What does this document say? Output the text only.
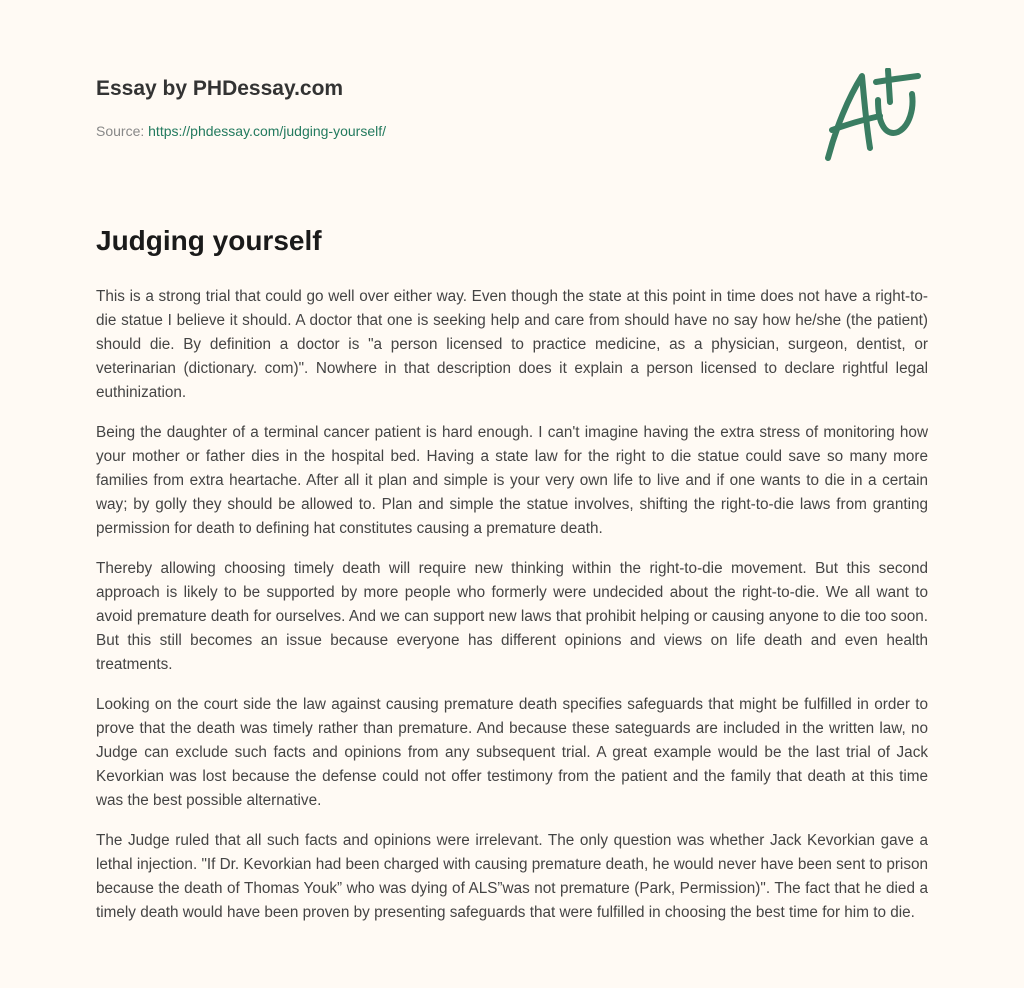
Essay by PHDessay.com
Source: https://phdessay.com/judging-yourself/
Judging yourself

This is a strong trial that could go well over either way. Even though the state at this point in time does not have a right-to-die statue I believe it should. A doctor that one is seeking help and care from should have no say how he/she (the patient) should die. By definition a doctor is "a person licensed to practice medicine, as a physician, surgeon, dentist, or veterinarian (dictionary. com)". Nowhere in that description does it explain a person licensed to declare rightful legal euthinization.

Being the daughter of a terminal cancer patient is hard enough. I can't imagine having the extra stress of monitoring how your mother or father dies in the hospital bed. Having a state law for the right to die statue could save so many more families from extra heartache. After all it plan and simple is your very own life to live and if one wants to die in a certain way; by golly they should be allowed to. Plan and simple the statue involves, shifting the right-to-die laws from granting permission for death to defining hat constitutes causing a premature death.

Thereby allowing choosing timely death will require new thinking within the right-to-die movement. But this second approach is likely to be supported by more people who formerly were undecided about the right-to-die. We all want to avoid premature death for ourselves. And we can support new laws that prohibit helping or causing anyone to die too soon. But this still becomes an issue because everyone has different opinions and views on life death and even health treatments.

Looking on the court side the law against causing premature death specifies safeguards that might be fulfilled in order to prove that the death was timely rather than premature. And because these sateguards are included in the written law, no Judge can exclude such facts and opinions from any subsequent trial. A great example would be the last trial of Jack Kevorkian was lost because the defense could not offer testimony from the patient and the family that death at this time was the best possible alternative.

The Judge ruled that all such facts and opinions were irrelevant. The only question was whether Jack Kevorkian gave a lethal injection. "If Dr. Kevorkian had been charged with causing premature death, he would never have been sent to prison because the death of Thomas Youk” who was dying of ALS”was not premature (Park, Permission)". The fact that he died a timely death would have been proven by presenting safeguards that were fulfilled in choosing the best time for him to die.
